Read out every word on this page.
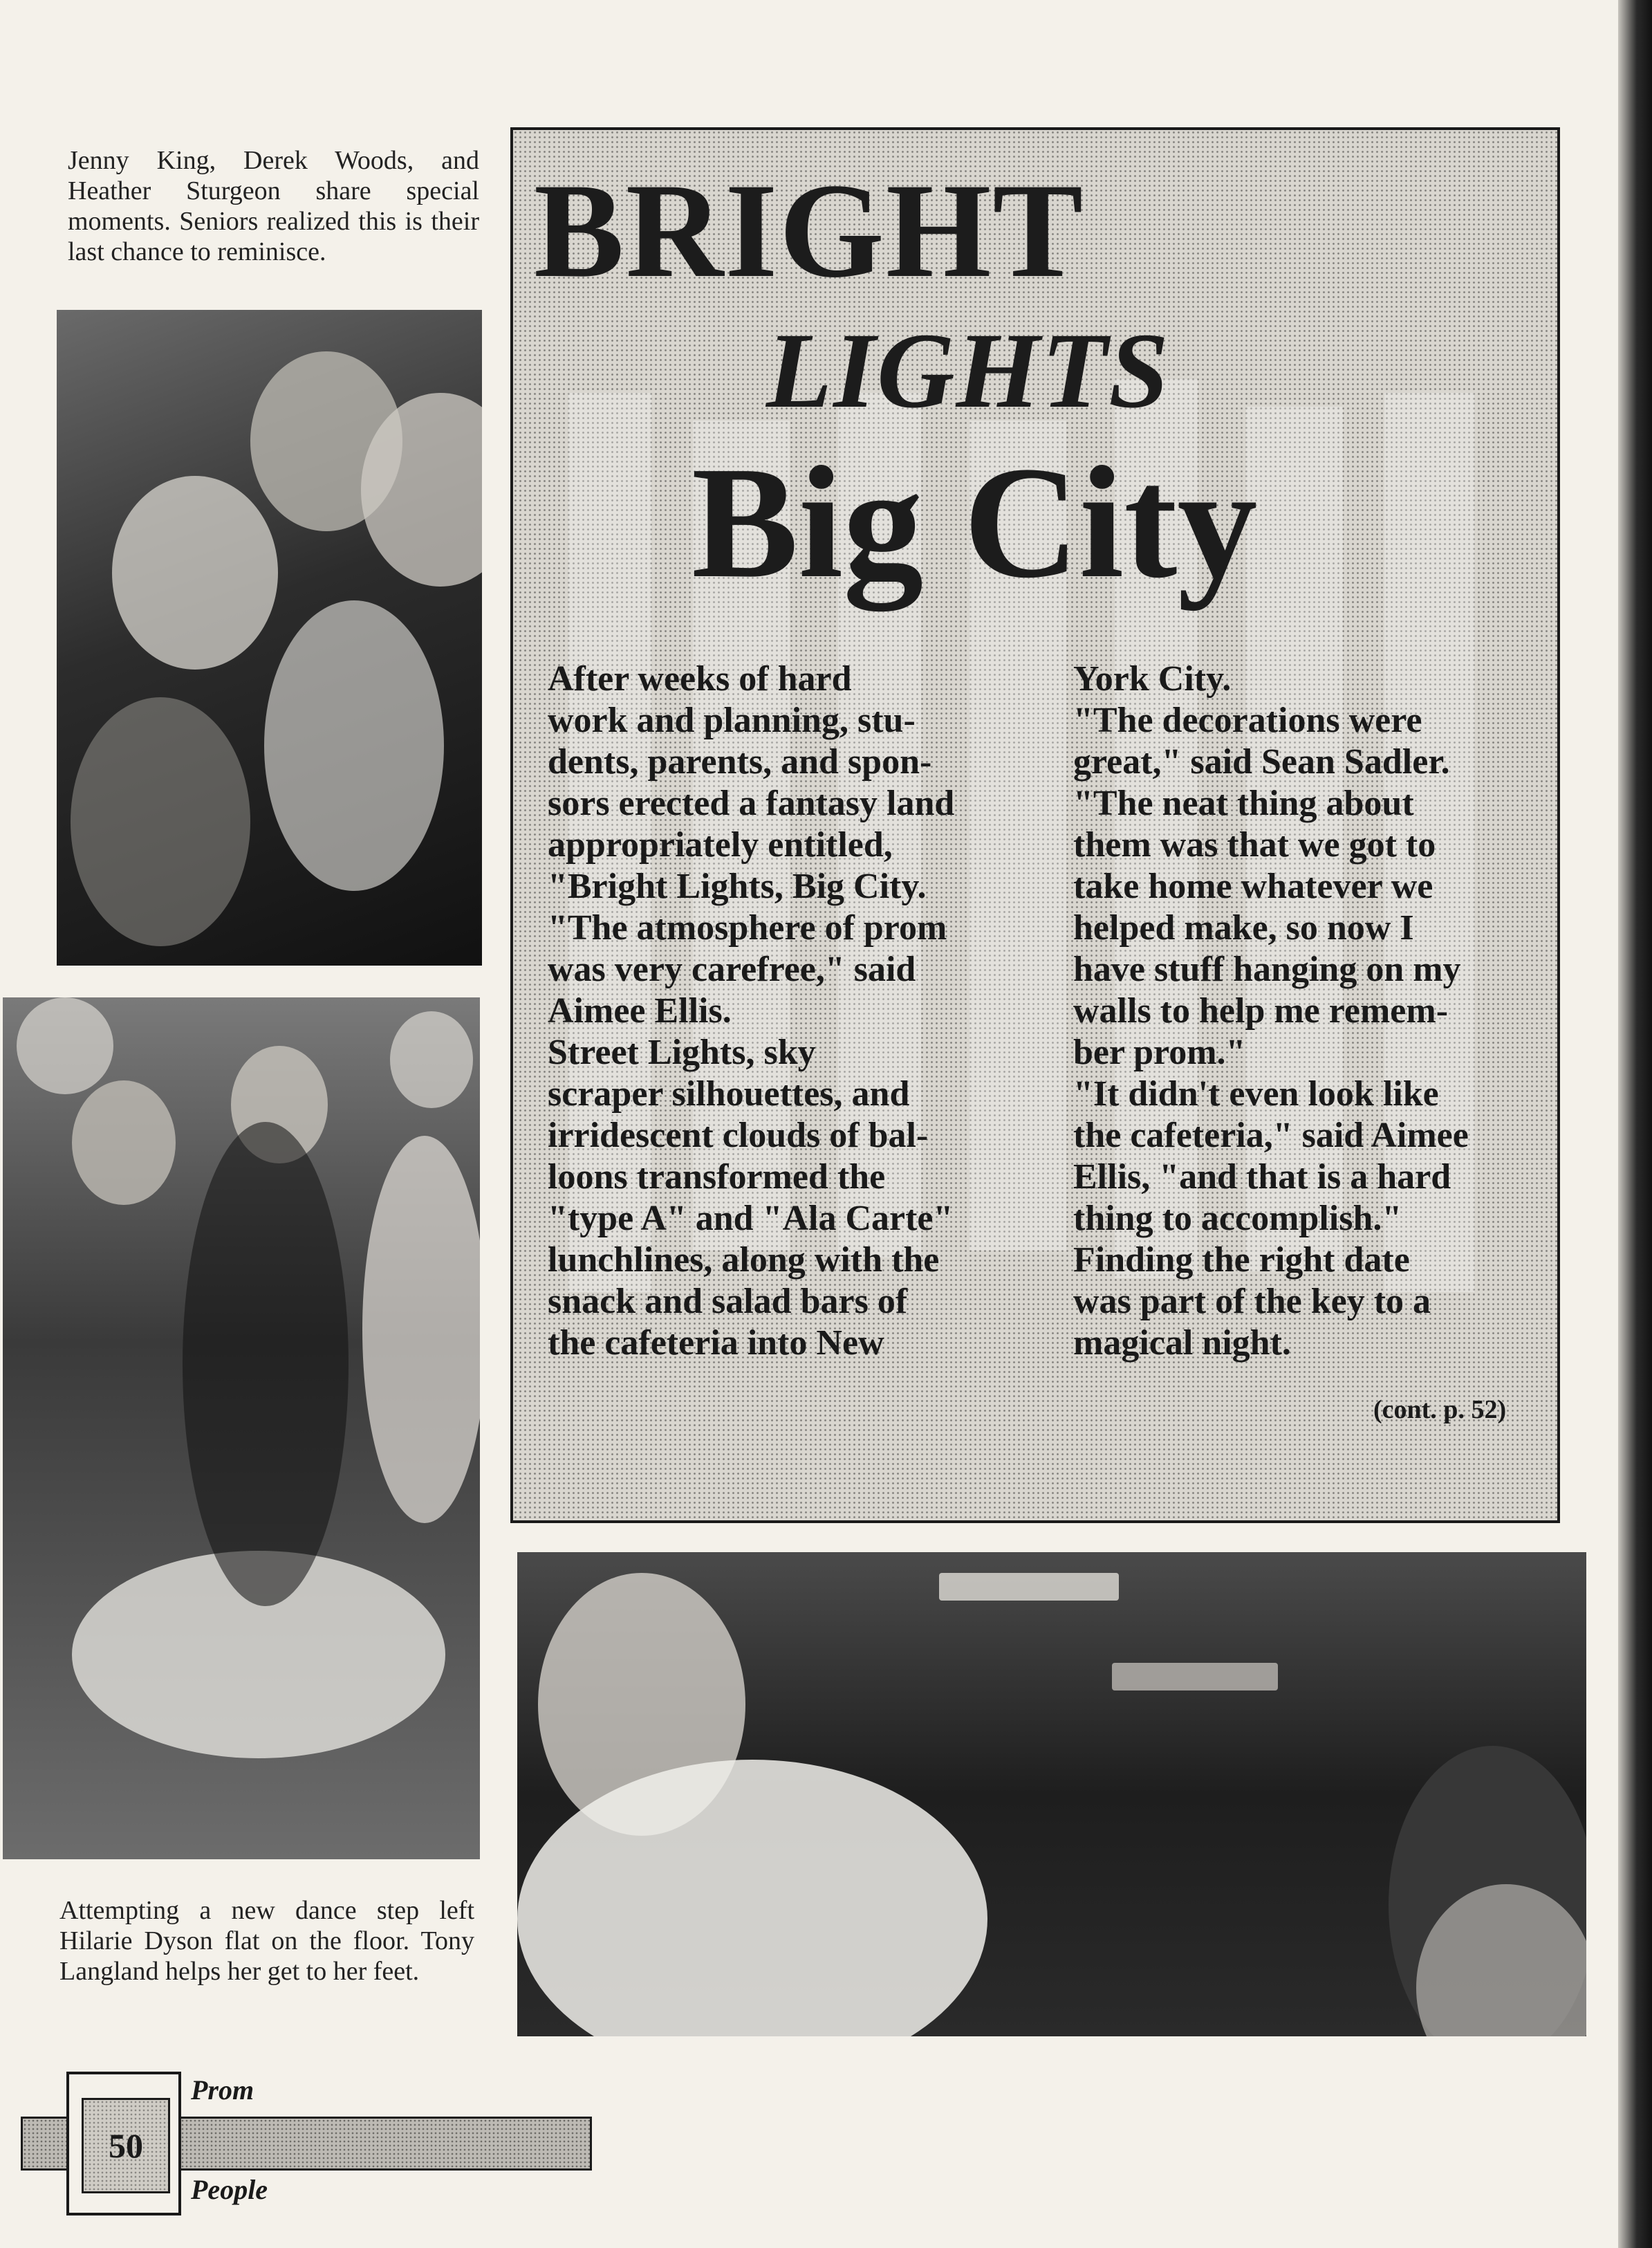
Jenny King, Derek Woods, and Heather Sturgeon share special moments. Seniors realized this is their last chance to reminisce.
Attempting a new dance step left Hilarie Dyson flat on the floor. Tony Langland helps her get to her feet.
BRIGHT
LIGHTS
Big City
After weeks of hard
work and planning, stu-
dents, parents, and spon-
sors erected a fantasy land
appropriately entitled,
"Bright Lights, Big City.
"The atmosphere of prom
was very carefree," said
Aimee Ellis.
Street Lights, sky
scraper silhouettes, and
irridescent clouds of bal-
loons transformed the
"type A" and "Ala Carte"
lunchlines, along with the
snack and salad bars of
the cafeteria into New
York City.
"The decorations were
great," said Sean Sadler.
"The neat thing about
them was that we got to
take home whatever we
helped make, so now I
have stuff hanging on my
walls to help me remem-
ber prom."
"It didn't even look like
the cafeteria," said Aimee
Ellis, "and that is a hard
thing to accomplish."
Finding the right date
was part of the key to a
magical night.
(cont. p. 52)
50
Prom
People
